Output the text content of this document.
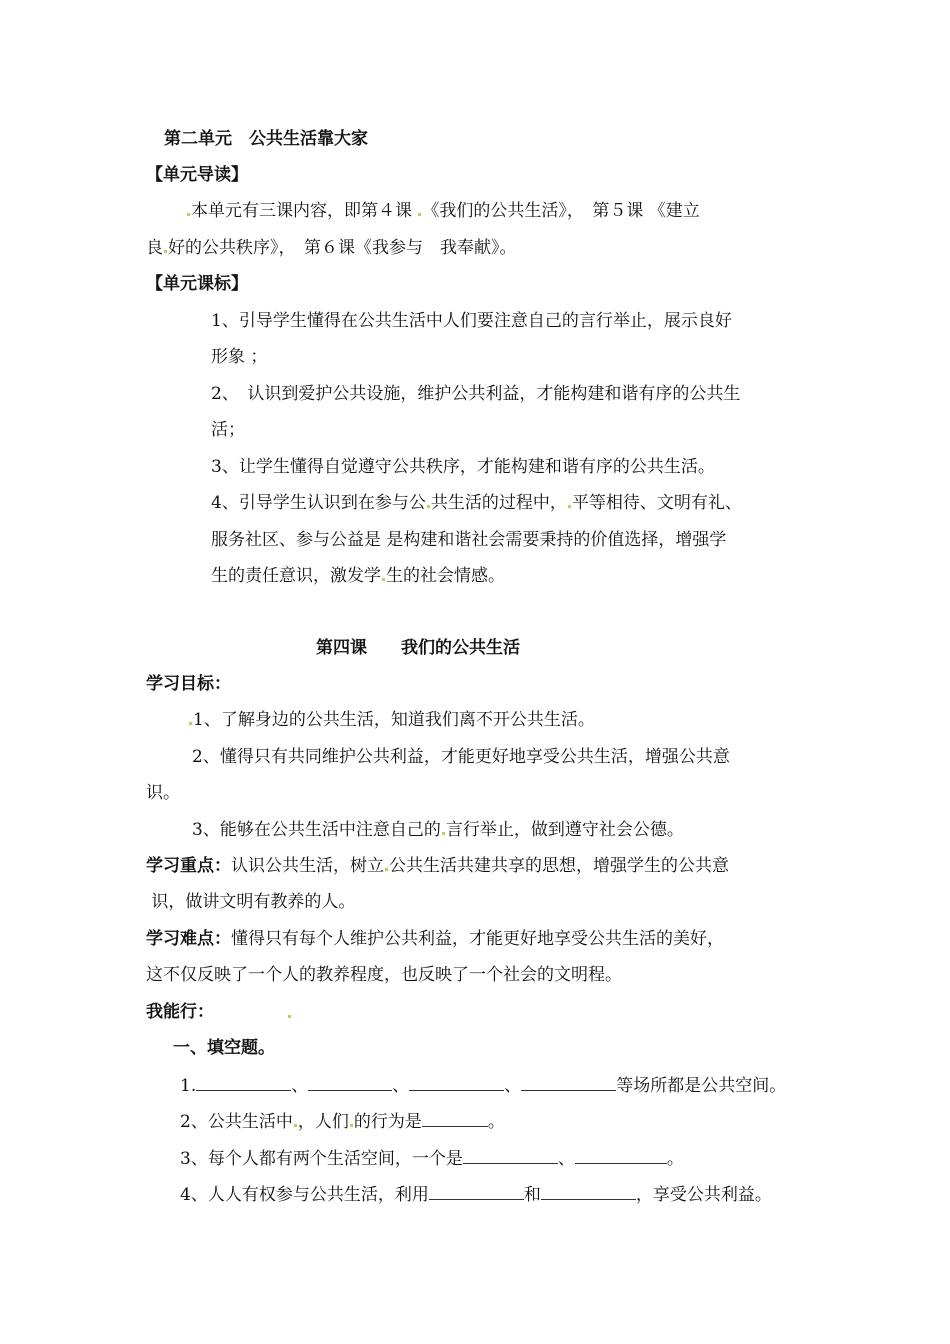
第二单元　公共生活靠大家
【单元导读】
本单元有三课内容，即第４课 《我们的公共生活》，　第５课 《建立
良 好的公共秩序》，　第６课《我参与　我奉献》。
【单元课标】
1、引导学生懂得在公共生活中人们要注意自己的言行举止，展示良好
形象 ；
2、　认识到爱护公共设施，维护公共利益，才能构建和谐有序的公共生
活；
3、让学生懂得自觉遵守公共秩序，才能构建和谐有序的公共生活。
4、引导学生认识到在参与公 共生活的过程中， 平等相待、文明有礼、
服务社区、参与公益是 是构建和谐社会需要秉持的价值选择，增强学
生的责任意识，激发学 生的社会情感。
第四课　　我们的公共生活
学习目标：
1、了解身边的公共生活，知道我们离不开公共生活。
2、懂得只有共同维护公共利益，才能更好地享受公共生活，增强公共意
识。
3、能够在公共生活中注意自己的 言行举止，做到遵守社会公德。
学习重点：认识公共生活，树立 公共生活共建共享的思想，增强学生的公共意
识，做讲文明有教养的人。
学习难点：懂得只有每个人维护公共利益，才能更好地享受公共生活的美好，
这不仅反映了一个人的教养程度，也反映了一个社会的文明程。
我能行：
一、填空题。
1.	、	、	、	等场所都是公共空间。
2、公共生活中 ，人们 的行为是	。
3、每个人都有两个生活空间，一个是	、	。
4、人人有权参与公共生活，利用	和	，享受公共利益。
